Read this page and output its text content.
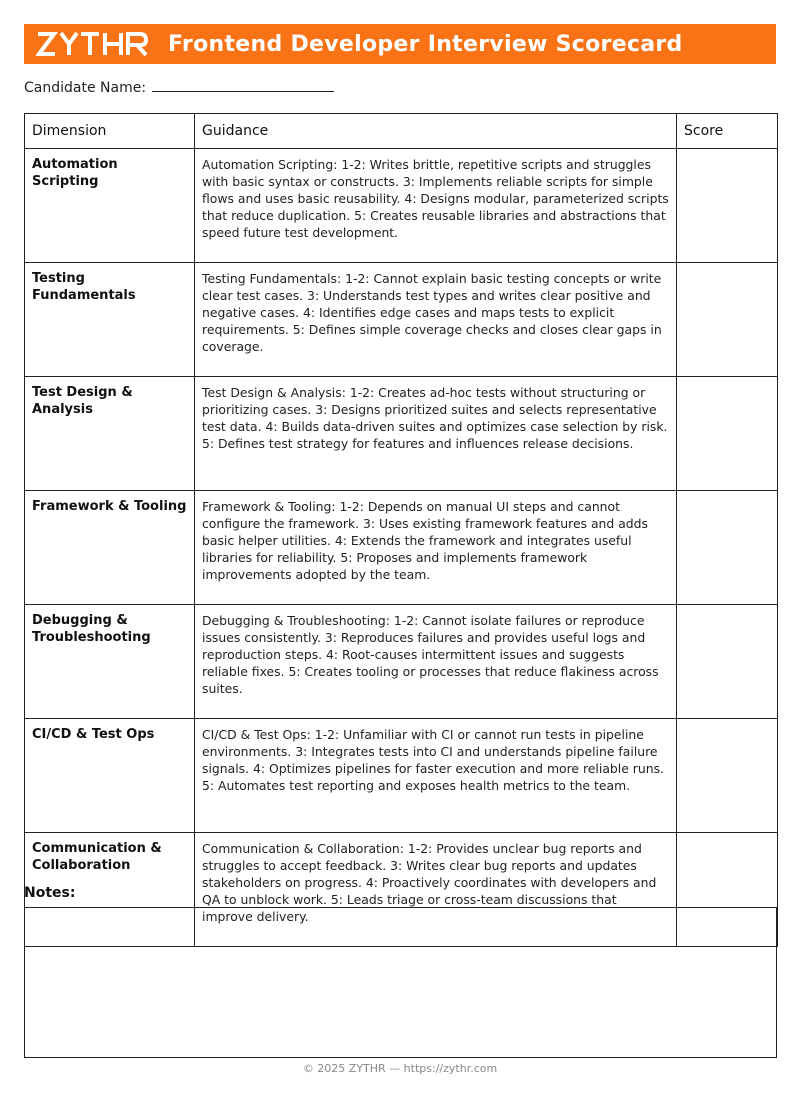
Frontend Developer Interview Scorecard
Candidate Name:
Dimension	Guidance	Score
Automation Scripting	Automation Scripting: 1-2: Writes brittle, repetitive scripts and struggles with basic syntax or constructs. 3: Implements reliable scripts for simple flows and uses basic reusability. 4: Designs modular, parameterized scripts that reduce duplication. 5: Creates reusable libraries and abstractions that speed future test development.	
Testing Fundamentals	Testing Fundamentals: 1-2: Cannot explain basic testing concepts or write clear test cases. 3: Understands test types and writes clear positive and negative cases. 4: Identifies edge cases and maps tests to explicit requirements. 5: Defines simple coverage checks and closes clear gaps in coverage.	
Test Design & Analysis	Test Design & Analysis: 1-2: Creates ad-hoc tests without structuring or prioritizing cases. 3: Designs prioritized suites and selects representative test data. 4: Builds data-driven suites and optimizes case selection by risk. 5: Defines test strategy for features and influences release decisions.	
Framework & Tooling	Framework & Tooling: 1-2: Depends on manual UI steps and cannot configure the framework. 3: Uses existing framework features and adds basic helper utilities. 4: Extends the framework and integrates useful libraries for reliability. 5: Proposes and implements framework improvements adopted by the team.	
Debugging & Troubleshooting	Debugging & Troubleshooting: 1-2: Cannot isolate failures or reproduce issues consistently. 3: Reproduces failures and provides useful logs and reproduction steps. 4: Root-causes intermittent issues and suggests reliable fixes. 5: Creates tooling or processes that reduce flakiness across suites.	
CI/CD & Test Ops	CI/CD & Test Ops: 1-2: Unfamiliar with CI or cannot run tests in pipeline environments. 3: Integrates tests into CI and understands pipeline failure signals. 4: Optimizes pipelines for faster execution and more reliable runs. 5: Automates test reporting and exposes health metrics to the team.	
Communication & Collaboration	Communication & Collaboration: 1-2: Provides unclear bug reports and struggles to accept feedback. 3: Writes clear bug reports and updates stakeholders on progress. 4: Proactively coordinates with developers and QA to unblock work. 5: Leads triage or cross-team discussions that improve delivery.	
Notes:
© 2025 ZYTHR — https://zythr.com
